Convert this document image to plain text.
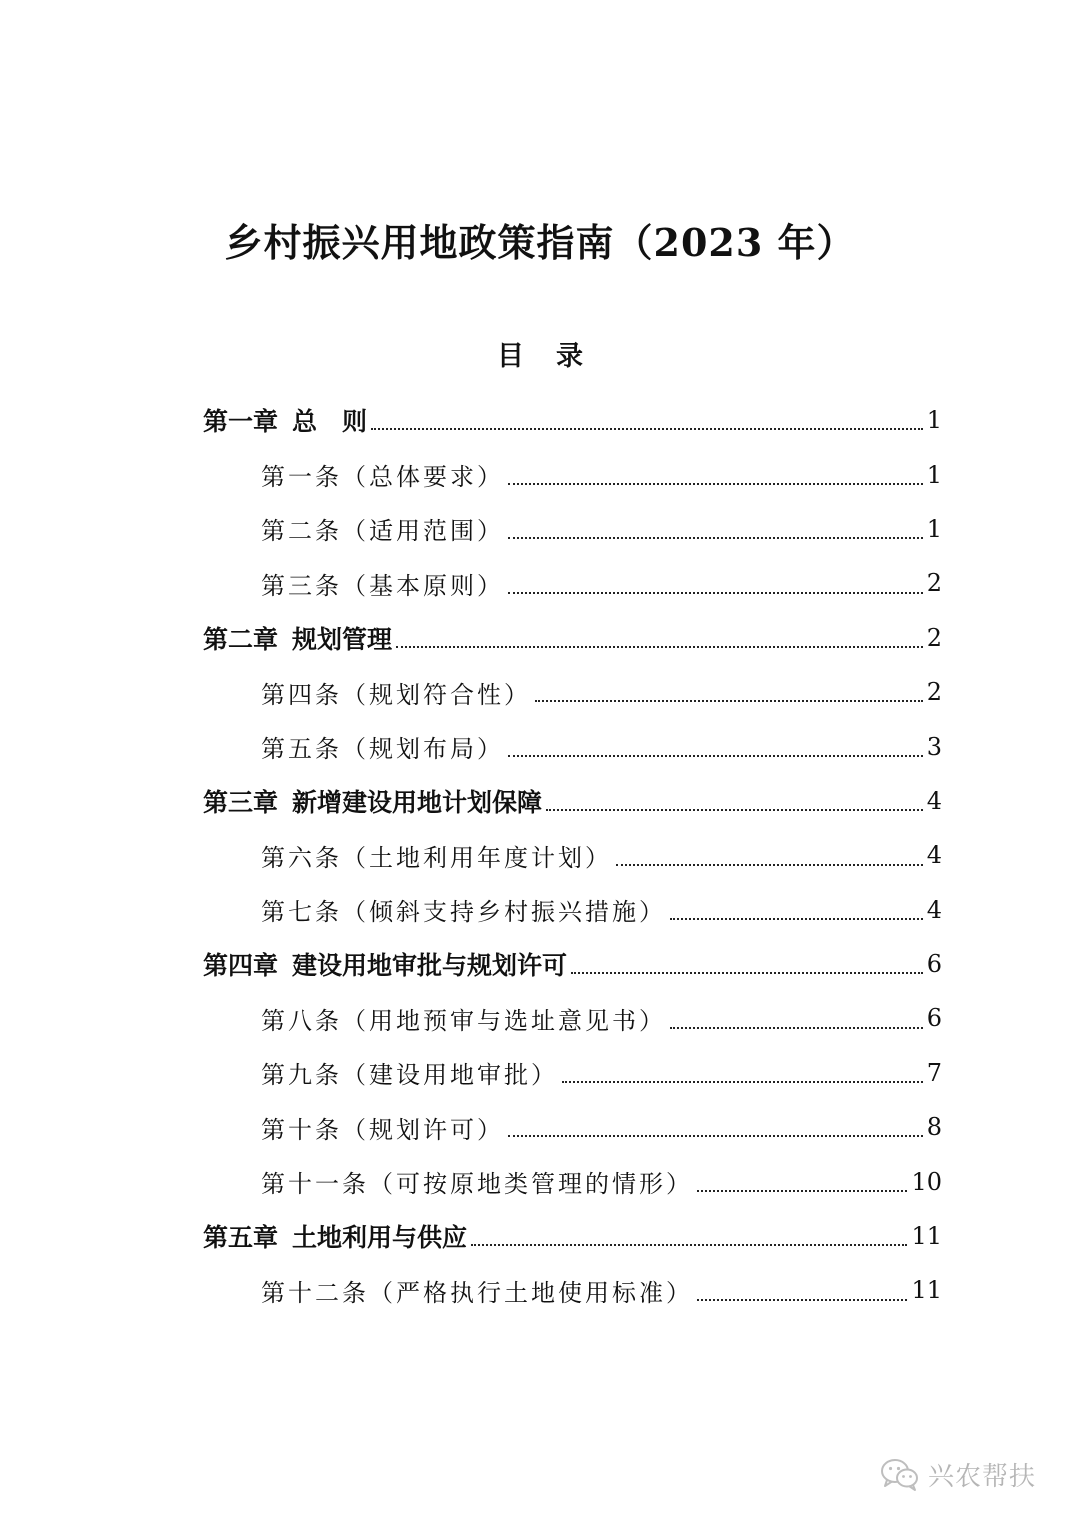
乡村振兴用地政策指南（2023 年）
目 录
第一章 总　则	1
第一条（总体要求）	1
第二条（适用范围）	1
第三条（基本原则）	2
第二章 规划管理	2
第四条（规划符合性）	2
第五条（规划布局）	3
第三章 新增建设用地计划保障	4
第六条（土地利用年度计划）	4
第七条（倾斜支持乡村振兴措施）	4
第四章 建设用地审批与规划许可	6
第八条（用地预审与选址意见书）	6
第九条（建设用地审批）	7
第十条（规划许可）	8
第十一条（可按原地类管理的情形）	10
第五章 土地利用与供应	11
第十二条（严格执行土地使用标准）	11
兴农帮扶
